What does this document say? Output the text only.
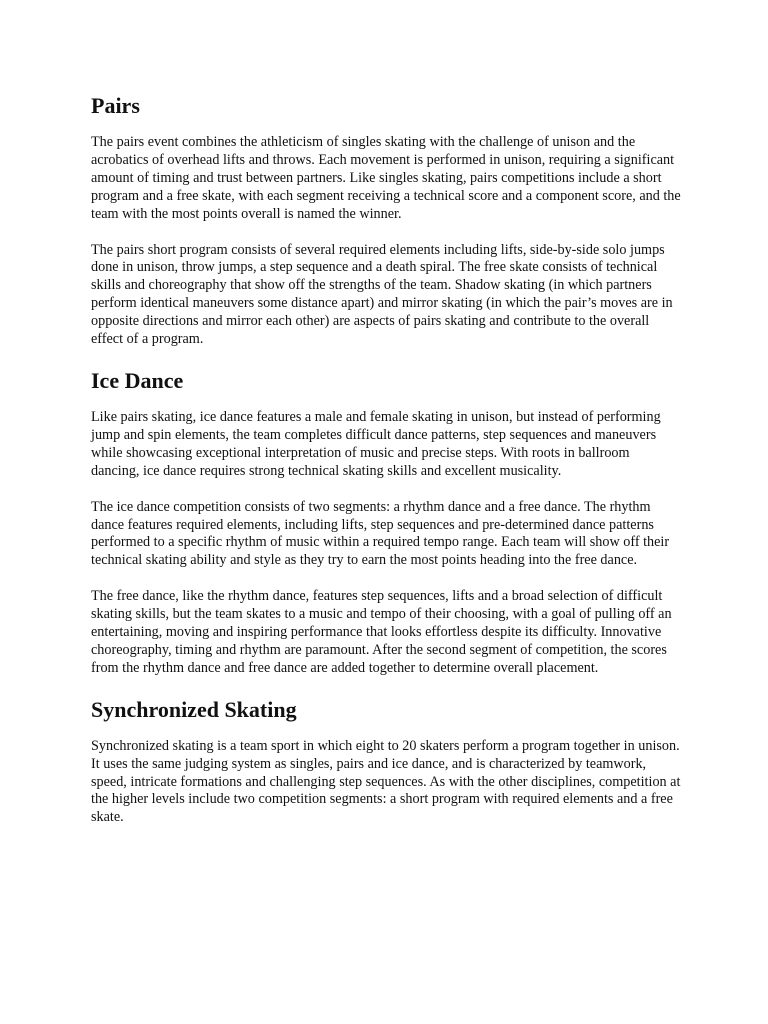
Pairs

The pairs event combines the athleticism of singles skating with the challenge of unison and the acrobatics of overhead lifts and throws. Each movement is performed in unison, requiring a significant amount of timing and trust between partners. Like singles skating, pairs competitions include a short program and a free skate, with each segment receiving a technical score and a component score, and the team with the most points overall is named the winner.

The pairs short program consists of several required elements including lifts, side-by-side solo jumps done in unison, throw jumps, a step sequence and a death spiral. The free skate consists of technical skills and choreography that show off the strengths of the team. Shadow skating (in which partners perform identical maneuvers some distance apart) and mirror skating (in which the pair’s moves are in opposite directions and mirror each other) are aspects of pairs skating and contribute to the overall effect of a program.

Ice Dance

Like pairs skating, ice dance features a male and female skating in unison, but instead of performing jump and spin elements, the team completes difficult dance patterns, step sequences and maneuvers while showcasing exceptional interpretation of music and precise steps. With roots in ballroom dancing, ice dance requires strong technical skating skills and excellent musicality.

The ice dance competition consists of two segments: a rhythm dance and a free dance. The rhythm dance features required elements, including lifts, step sequences and pre-determined dance patterns performed to a specific rhythm of music within a required tempo range. Each team will show off their technical skating ability and style as they try to earn the most points heading into the free dance.

The free dance, like the rhythm dance, features step sequences, lifts and a broad selection of difficult skating skills, but the team skates to a music and tempo of their choosing, with a goal of pulling off an entertaining, moving and inspiring performance that looks effortless despite its difficulty. Innovative choreography, timing and rhythm are paramount. After the second segment of competition, the scores from the rhythm dance and free dance are added together to determine overall placement.

Synchronized Skating

Synchronized skating is a team sport in which eight to 20 skaters perform a program together in unison. It uses the same judging system as singles, pairs and ice dance, and is characterized by teamwork, speed, intricate formations and challenging step sequences. As with the other disciplines, competition at the higher levels include two competition segments: a short program with required elements and a free skate.
